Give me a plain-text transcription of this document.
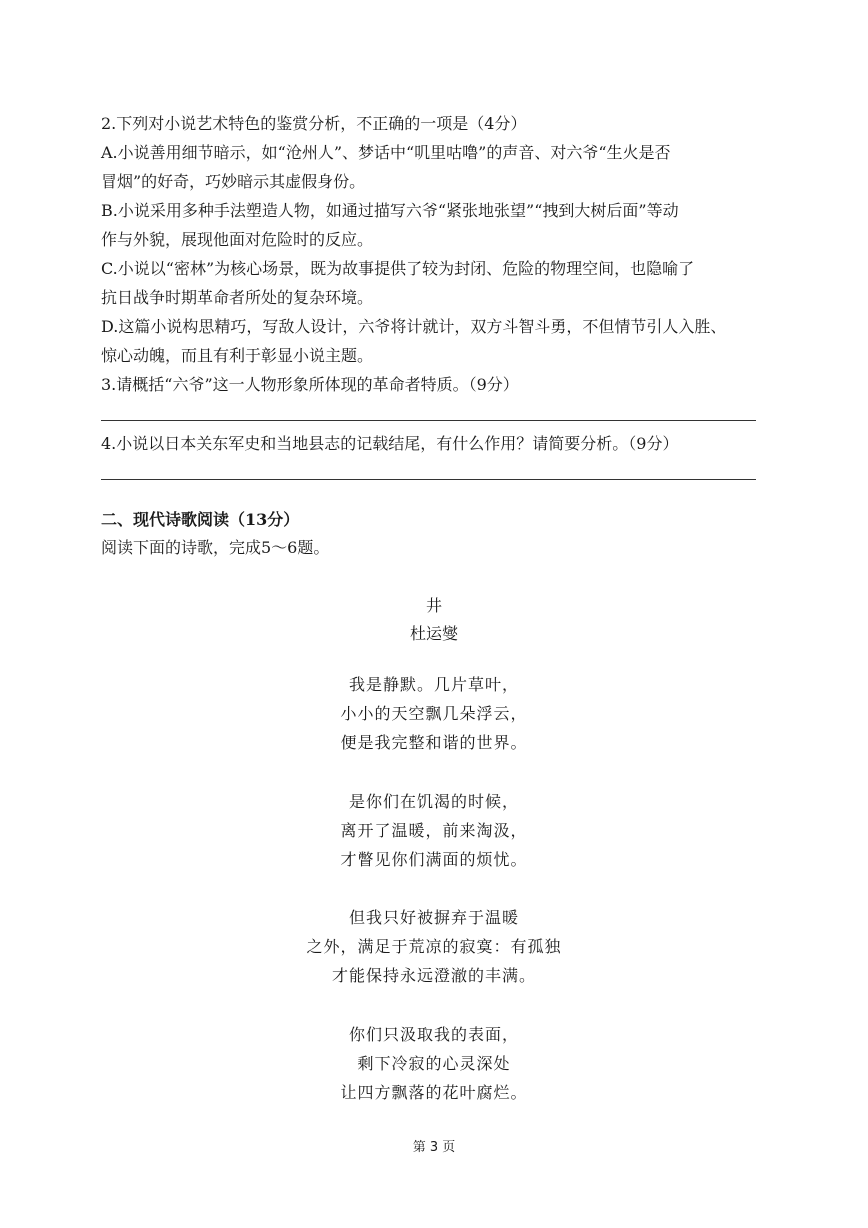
2.下列对小说艺术特色的鉴赏分析，不正确的一项是（4分）
A.小说善用细节暗示，如“沧州人”、梦话中“叽里咕噜”的声音、对六爷“生火是否
冒烟”的好奇，巧妙暗示其虚假身份。
B.小说采用多种手法塑造人物，如通过描写六爷“紧张地张望”“拽到大树后面”等动
作与外貌，展现他面对危险时的反应。
C.小说以“密林”为核心场景，既为故事提供了较为封闭、危险的物理空间，也隐喻了
抗日战争时期革命者所处的复杂环境。
D.这篇小说构思精巧，写敌人设计，六爷将计就计，双方斗智斗勇，不但情节引人入胜、
惊心动魄，而且有利于彰显小说主题。
3.请概括“六爷”这一人物形象所体现的革命者特质。（9分）
4.小说以日本关东军史和当地县志的记载结尾，有什么作用？请简要分析。（9分）
二、现代诗歌阅读（13分）
阅读下面的诗歌，完成5～6题。
井
杜运燮
我是静默。几片草叶，
小小的天空飘几朵浮云，
便是我完整和谐的世界。
是你们在饥渴的时候，
离开了温暖，前来淘汲，
才瞥见你们满面的烦忧。
但我只好被摒弃于温暖
之外，满足于荒凉的寂寞：有孤独
才能保持永远澄澈的丰满。
你们只汲取我的表面，
剩下冷寂的心灵深处
让四方飘落的花叶腐烂。
第 3 页
